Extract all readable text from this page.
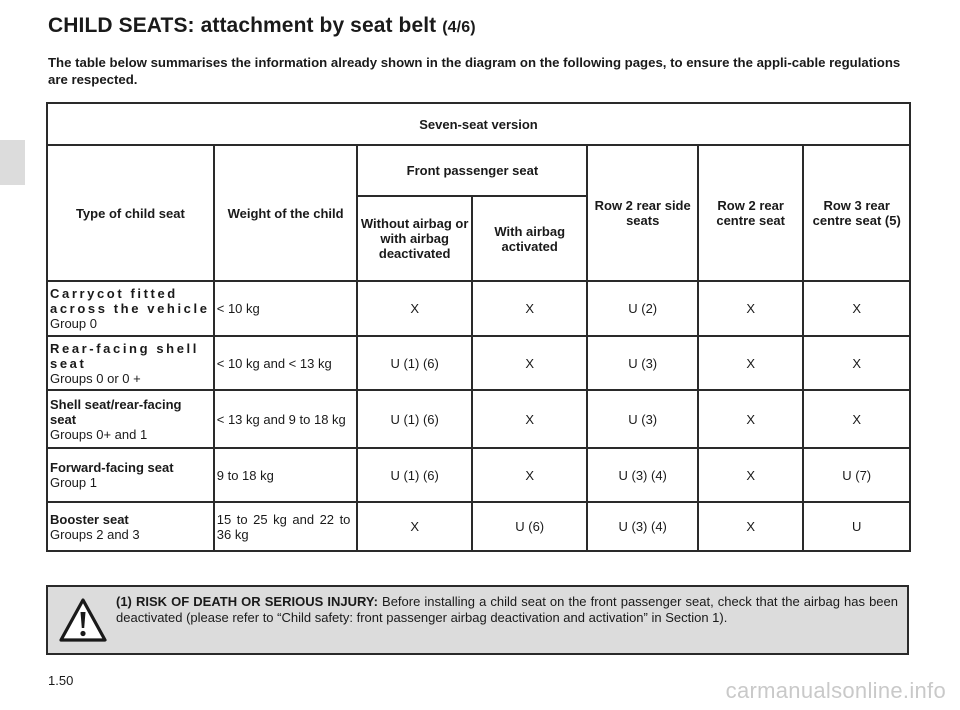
CHILD SEATS: attachment by seat belt (4/6)

The table below summarises the information already shown in the diagram on the following pages, to ensure the appli-cable regulations are respected.

Seven-seat version						
Type of child seat	Weight of the child	Front passenger seat		Row 2 rear side seats	Row 2 rear centre seat	Row 3 rear centre seat (5)
		Without airbag or with airbag deactivated	With airbag activated			

Carrycot fitted across the vehicle
Group 0	< 10 kg	X	X	U (2)	X	X

Rear-facing shell seat
Groups 0 or 0 +	< 10 kg and < 13 kg	U (1) (6)	X	U (3)	X	X

Shell seat/rear-facing seat
Groups 0+ and 1	< 13 kg and 9 to 18 kg	U (1) (6)	X	U (3)	X	X

Forward-facing seat
Group 1	9 to 18 kg	U (1) (6)	X	U (3) (4)	X	U (7)

Booster seat
Groups 2 and 3	15 to 25 kg and 22 to 36 kg	X	U (6)	U (3) (4)	X	U

(1) RISK OF DEATH OR SERIOUS INJURY: Before installing a child seat on the front passenger seat, check that the airbag has been deactivated (please refer to “Child safety: front passenger airbag deactivation and activation” in Section 1).

1.50	carmanualsonline.info
